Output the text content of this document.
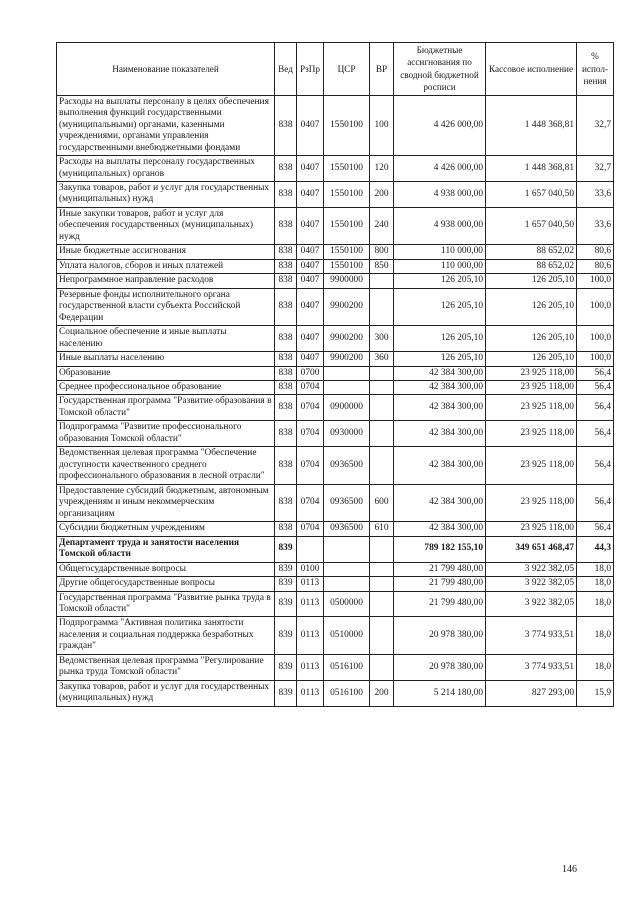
Наименование показателей	Вед	РзПр	ЦСР	ВР	Бюджетные ассигнования по сводной бюджетной росписи	Кассовое исполнение	% испол-нения
Расходы на выплаты персоналу в целях обеспечения выполнения функций государственными (муниципальными) органами, казенными учреждениями, органами управления государственными внебюджетными фондами	838	0407	1550100	100	4 426 000,00	1 448 368,81	32,7
Расходы на выплаты персоналу государственных (муниципальных) органов	838	0407	1550100	120	4 426 000,00	1 448 368,81	32,7
Закупка товаров, работ и услуг для государственных (муниципальных) нужд	838	0407	1550100	200	4 938 000,00	1 657 040,50	33,6
Иные закупки товаров, работ и услуг для обеспечения государственных (муниципальных) нужд	838	0407	1550100	240	4 938 000,00	1 657 040,50	33,6
Иные бюджетные ассигнования	838	0407	1550100	800	110 000,00	88 652,02	80,6
Уплата налогов, сборов и иных платежей	838	0407	1550100	850	110 000,00	88 652,02	80,6
Непрограммное направление расходов	838	0407	9900000		126 205,10	126 205,10	100,0
Резервные фонды исполнительного органа государственной власти субъекта Российской Федерации	838	0407	9900200		126 205,10	126 205,10	100,0
Социальное обеспечение и иные выплаты населению	838	0407	9900200	300	126 205,10	126 205,10	100,0
Иные выплаты населению	838	0407	9900200	360	126 205,10	126 205,10	100,0
Образование	838	0700			42 384 300,00	23 925 118,00	56,4
Среднее профессиональное образование	838	0704			42 384 300,00	23 925 118,00	56,4
Государственная программа "Развитие образования в Томской области"	838	0704	0900000		42 384 300,00	23 925 118,00	56,4
Подпрограмма "Развитие профессионального образования Томской области"	838	0704	0930000		42 384 300,00	23 925 118,00	56,4
Ведомственная целевая программа "Обеспечение доступности качественного среднего профессионального образования в лесной отрасли"	838	0704	0936500		42 384 300,00	23 925 118,00	56,4
Предоставление субсидий бюджетным, автономным учреждениям и иным некоммерческим организациям	838	0704	0936500	600	42 384 300,00	23 925 118,00	56,4
Субсидии бюджетным учреждениям	838	0704	0936500	610	42 384 300,00	23 925 118,00	56,4
Департамент труда и занятости населения Томской области	839				789 182 155,10	349 651 468,47	44,3
Общегосударственные вопросы	839	0100			21 799 480,00	3 922 382,05	18,0
Другие общегосударственные вопросы	839	0113			21 799 480,00	3 922 382,05	18,0
Государственная программа "Развитие рынка труда в Томской области"	839	0113	0500000		21 799 480,00	3 922 382,05	18,0
Подпрограмма "Активная политика занятости населения и социальная поддержка безработных граждан"	839	0113	0510000		20 978 380,00	3 774 933,51	18,0
Ведомственная целевая программа "Регулирование рынка труда Томской области"	839	0113	0516100		20 978 380,00	3 774 933,51	18,0
Закупка товаров, работ и услуг для государственных (муниципальных) нужд	839	0113	0516100	200	5 214 180,00	827 293,00	15,9
146
